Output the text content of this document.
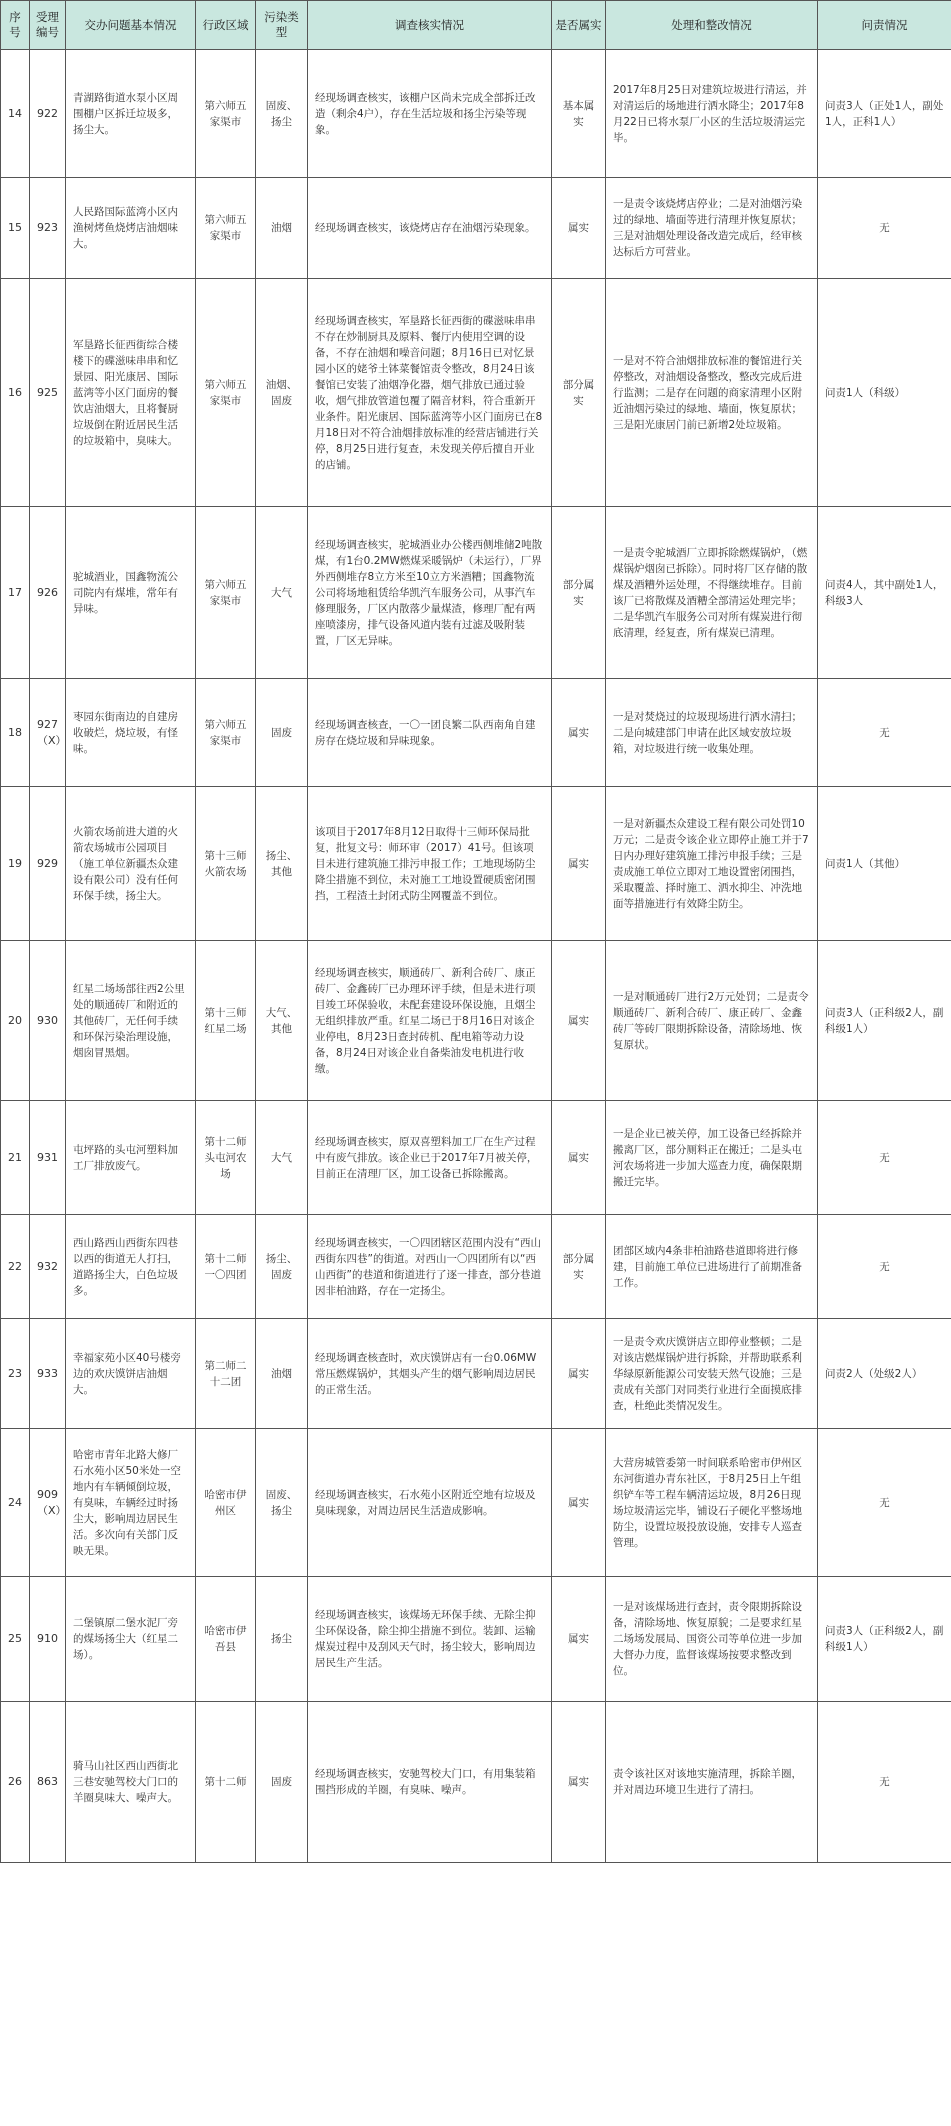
序号	受理编号	交办问题基本情况	行政区域	污染类型	调查核实情况	是否属实	处理和整改情况	问责情况
14	922	青湖路街道水泵小区周围棚户区拆迁垃圾多，扬尘大。	第六师五家渠市	固废、扬尘	经现场调查核实，该棚户区尚未完成全部拆迁改造（剩余4户），存在生活垃圾和扬尘污染等现象。	基本属实	2017年8月25日对建筑垃圾进行清运，并对清运后的场地进行洒水降尘；2017年8月22日已将水泵厂小区的生活垃圾清运完毕。	问责3人（正处1人，副处1人，正科1人）
15	923	人民路国际蓝湾小区内渔树烤鱼烧烤店油烟味大。	第六师五家渠市	油烟	经现场调查核实，该烧烤店存在油烟污染现象。	属实	一是责令该烧烤店停业；二是对油烟污染过的绿地、墙面等进行清理并恢复原状；三是对油烟处理设备改造完成后，经审核达标后方可营业。	无
16	925	军垦路长征西街综合楼楼下的碟滋味串串和忆景园、阳光康居、国际蓝湾等小区门面房的餐饮店油烟大，且将餐厨垃圾倒在附近居民生活的垃圾箱中，臭味大。	第六师五家渠市	油烟、固废	经现场调查核实，军垦路长征西街的碟滋味串串不存在炒制厨具及原料、餐厅内使用空调的设备，不存在油烟和噪音问题；8月16日已对忆景园小区的姥爷土钵菜餐馆责令整改，8月24日该餐馆已安装了油烟净化器，烟气排放已通过验收，烟气排放管道包覆了隔音材料，符合重新开业条件。阳光康居、国际蓝湾等小区门面房已在8月18日对不符合油烟排放标准的经营店铺进行关停，8月25日进行复查，未发现关停后擅自开业的店铺。	部分属实	一是对不符合油烟排放标准的餐馆进行关停整改，对油烟设备整改，整改完成后进行监测；二是存在问题的商家清理小区附近油烟污染过的绿地、墙面，恢复原状；三是阳光康居门前已新增2处垃圾箱。	问责1人（科级）
17	926	驼城酒业，国鑫物流公司院内有煤堆，常年有异味。	第六师五家渠市	大气	经现场调查核实，驼城酒业办公楼西侧堆储2吨散煤，有1台0.2MW燃煤采暖锅炉（未运行），厂界外西侧堆存8立方米至10立方米酒糟；国鑫物流公司将场地租赁给华凯汽车服务公司，从事汽车修理服务，厂区内散落少量煤渣，修理厂配有两座喷漆房，排气设备风道内装有过滤及吸附装置，厂区无异味。	部分属实	一是责令驼城酒厂立即拆除燃煤锅炉，（燃煤锅炉烟囱已拆除）。同时将厂区存储的散煤及酒糟外运处理，不得继续堆存。目前该厂已将散煤及酒糟全部清运处理完毕；二是华凯汽车服务公司对所有煤炭进行彻底清理，经复查，所有煤炭已清理。	问责4人，其中副处1人，科级3人
18	927（X）	枣园东街南边的自建房收破烂，烧垃圾，有怪味。	第六师五家渠市	固废	经现场调查核查，一〇一团良繁二队西南角自建房存在烧垃圾和异味现象。	属实	一是对焚烧过的垃圾现场进行洒水清扫；二是向城建部门申请在此区域安放垃圾箱，对垃圾进行统一收集处理。	无
19	929	火箭农场前进大道的火箭农场城市公园项目（施工单位新疆杰众建设有限公司）没有任何环保手续，扬尘大。	第十三师火箭农场	扬尘、其他	该项目于2017年8月12日取得十三师环保局批复，批复文号：师环审（2017）41号。但该项目未进行建筑施工排污申报工作；工地现场防尘降尘措施不到位，未对施工工地设置硬质密闭围挡，工程渣土封闭式防尘网覆盖不到位。	属实	一是对新疆杰众建设工程有限公司处罚10万元；二是责令该企业立即停止施工并于7日内办理好建筑施工排污申报手续；三是责成施工单位立即对工地设置密闭围挡，采取覆盖、择时施工、洒水抑尘、冲洗地面等措施进行有效降尘防尘。	问责1人（其他）
20	930	红星二场场部往西2公里处的顺通砖厂和附近的其他砖厂，无任何手续和环保污染治理设施，烟囱冒黑烟。	第十三师红星二场	大气、其他	经现场调查核实，顺通砖厂、新利合砖厂、康正砖厂、金鑫砖厂已办理环评手续，但是未进行项目竣工环保验收，未配套建设环保设施，且烟尘无组织排放严重。红星二场已于8月16日对该企业停电，8月23日查封砖机、配电箱等动力设备，8月24日对该企业自备柴油发电机进行收缴。	属实	一是对顺通砖厂进行2万元处罚；二是责令顺通砖厂、新利合砖厂、康正砖厂、金鑫砖厂等砖厂限期拆除设备，清除场地、恢复原状。	问责3人（正科级2人，副科级1人）
21	931	屯坪路的头屯河塑料加工厂排放废气。	第十二师头屯河农场	大气	经现场调查核实，原双喜塑料加工厂在生产过程中有废气排放。该企业已于2017年7月被关停，目前正在清理厂区，加工设备已拆除搬离。	属实	一是企业已被关停，加工设备已经拆除并搬离厂区，部分厕料正在搬迁；二是头屯河农场将进一步加大巡查力度，确保限期搬迁完毕。	无
22	932	西山路西山西街东四巷以西的街道无人打扫，道路扬尘大，白色垃圾多。	第十二师一〇四团	扬尘、固废	经现场调查核实，一〇四团辖区范围内没有“西山西街东四巷”的街道。对西山一〇四团所有以“西山西街”的巷道和街道进行了逐一排查，部分巷道因非柏油路，存在一定扬尘。	部分属实	团部区域内4条非柏油路巷道即将进行修建，目前施工单位已进场进行了前期准备工作。	无
23	933	幸福家苑小区40号楼旁边的欢庆馍饼店油烟大。	第二师二十二团	油烟	经现场调查核查时，欢庆馍饼店有一台0.06MW常压燃煤锅炉，其烟头产生的烟气影响周边居民的正常生活。	属实	一是责令欢庆馍饼店立即停业整顿；二是对该店燃煤锅炉进行拆除，并帮助联系利华绿原新能源公司安装天然气设施；三是责成有关部门对同类行业进行全面摸底排查，杜绝此类情况发生。	问责2人（处级2人）
24	909（X）	哈密市青年北路大修厂石水苑小区50米处一空地内有车辆倾倒垃圾，有臭味，车辆经过时扬尘大，影响周边居民生活。多次向有关部门反映无果。	哈密市伊州区	固废、扬尘	经现场调查核实，石水苑小区附近空地有垃圾及臭味现象，对周边居民生活造成影响。	属实	大营房城管委第一时间联系哈密市伊州区东河街道办青东社区，于8月25日上午组织铲车等工程车辆清运垃圾，8月26日现场垃圾清运完毕，铺设石子硬化平整场地防尘，设置垃圾投放设施，安排专人巡查管理。	无
25	910	二堡镇原二堡水泥厂旁的煤场扬尘大（红星二场）。	哈密市伊吾县	扬尘	经现场调查核实，该煤场无环保手续、无除尘抑尘环保设备，除尘抑尘措施不到位。装卸、运输煤炭过程中及刮风天气时，扬尘较大，影响周边居民生产生活。	属实	一是对该煤场进行查封，责令限期拆除设备，清除场地、恢复原貌；二是要求红星二场场发展局、国资公司等单位进一步加大督办力度，监督该煤场按要求整改到位。	问责3人（正科级2人，副科级1人）
26	863	骑马山社区西山西街北三巷安驰驾校大门口的羊圈臭味大、噪声大。	第十二师	固废	经现场调查核实，安驰驾校大门口，有用集装箱围挡形成的羊圈，有臭味、噪声。	属实	责令该社区对该地实施清理，拆除羊圈，并对周边环境卫生进行了清扫。	无
